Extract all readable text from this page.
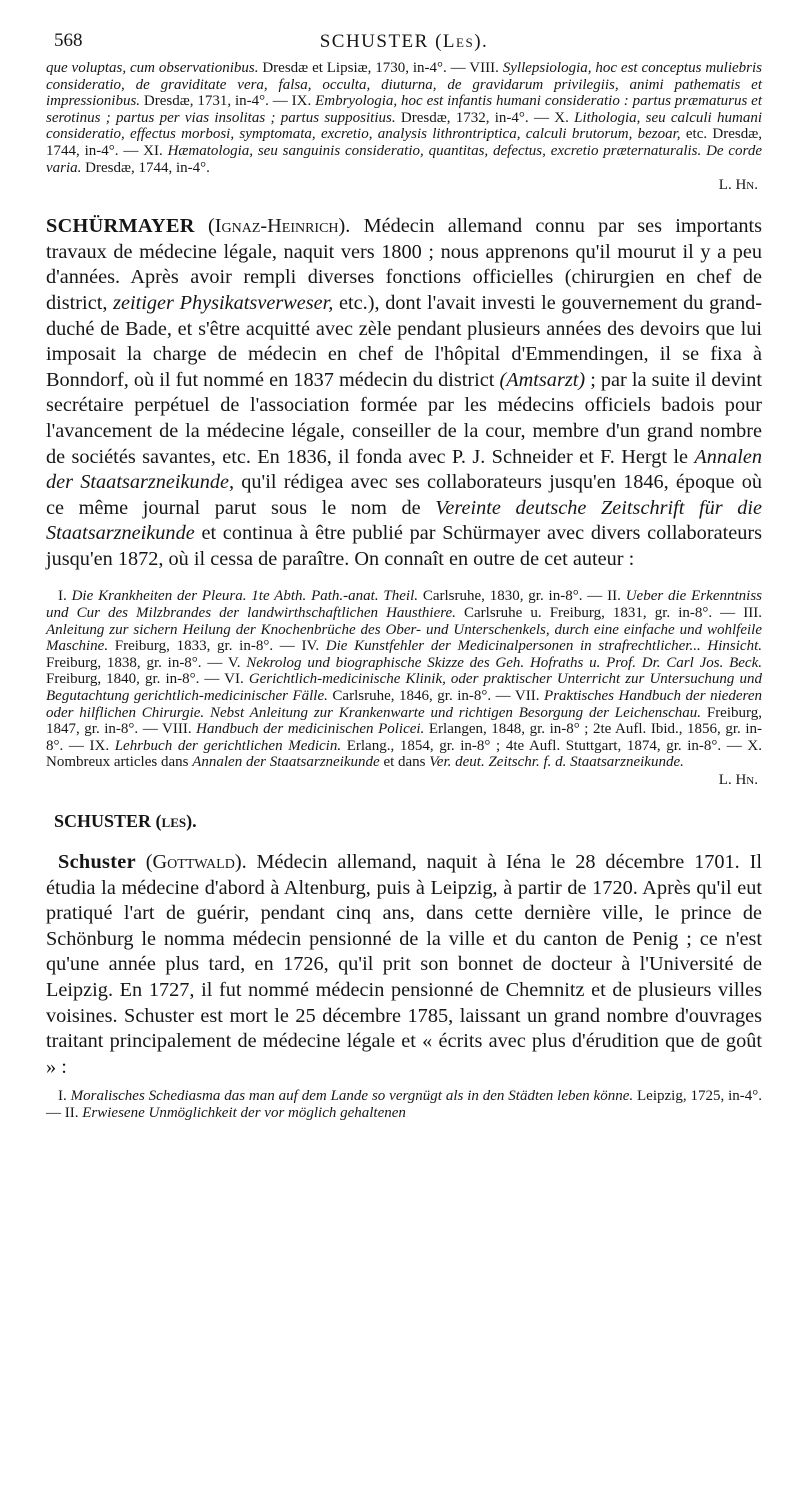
568	SCHUSTER (Les).

que voluptas, cum observationibus. Dresdæ et Lipsiæ, 1730, in-4°. — VIII. Syllepsiologia, hoc est conceptus muliebris consideratio, de graviditate vera, falsa, occulta, diuturna, de gravidarum privilegiis, animi pathematis et impressionibus. Dresdæ, 1731, in-4°. — IX. Embryologia, hoc est infantis humani consideratio : partus præmaturus et serotinus ; partus per vias insolitas ; partus suppositius. Dresdæ, 1732, in-4°. — X. Lithologia, seu calculi humani consideratio, effectus morbosi, symptomata, excretio, analysis lithrontriptica, calculi brutorum, bezoar, etc. Dresdæ, 1744, in-4°. — XI. Hæmatologia, seu sanguinis consideratio, quantitas, defectus, excretio præternaturalis. De corde varia. Dresdæ, 1744, in-4°.

L. Hn.

SCHÜRMAYER (Ignaz-Heinrich). Médecin allemand connu par ses importants travaux de médecine légale, naquit vers 1800 ; nous apprenons qu'il mourut il y a peu d'années. Après avoir rempli diverses fonctions officielles (chirurgien en chef de district, zeitiger Physikatsverweser, etc.), dont l'avait investi le gouvernement du grand-duché de Bade, et s'être acquitté avec zèle pendant plusieurs années des devoirs que lui imposait la charge de médecin en chef de l'hôpital d'Emmendingen, il se fixa à Bonndorf, où il fut nommé en 1837 médecin du district (Amtsarzt) ; par la suite il devint secrétaire perpétuel de l'association formée par les médecins officiels badois pour l'avancement de la médecine légale, conseiller de la cour, membre d'un grand nombre de sociétés savantes, etc. En 1836, il fonda avec P. J. Schneider et F. Hergt le Annalen der Staatsarzneikunde, qu'il rédigea avec ses collaborateurs jusqu'en 1846, époque où ce même journal parut sous le nom de Vereinte deutsche Zeitschrift für die Staatsarzneikunde et continua à être publié par Schürmayer avec divers collaborateurs jusqu'en 1872, où il cessa de paraître. On connaît en outre de cet auteur :

I. Die Krankheiten der Pleura. 1te Abth. Path.-anat. Theil. Carlsruhe, 1830, gr. in-8°. — II. Ueber die Erkenntniss und Cur des Milzbrandes der landwirthschaftlichen Hausthiere. Carlsruhe u. Freiburg, 1831, gr. in-8°. — III. Anleitung zur sichern Heilung der Knochenbrüche des Ober- und Unterschenkels, durch eine einfache und wohlfeile Maschine. Freiburg, 1833, gr. in-8°. — IV. Die Kunstfehler der Medicinalpersonen in strafrechtlicher... Hinsicht. Freiburg, 1838, gr. in-8°. — V. Nekrolog und biographische Skizze des Geh. Hofraths u. Prof. Dr. Carl Jos. Beck. Freiburg, 1840, gr. in-8°. — VI. Gerichtlich-medicinische Klinik, oder praktischer Unterricht zur Untersuchung und Begutachtung gerichtlich-medicinischer Fälle. Carlsruhe, 1846, gr. in-8°. — VII. Praktisches Handbuch der niederen oder hilflichen Chirurgie. Nebst Anleitung zur Krankenwarte und richtigen Besorgung der Leichenschau. Freiburg, 1847, gr. in-8°. — VIII. Handbuch der medicinischen Policei. Erlangen, 1848, gr. in-8° ; 2te Aufl. Ibid., 1856, gr. in-8°. — IX. Lehrbuch der gerichtlichen Medicin. Erlang., 1854, gr. in-8° ; 4te Aufl. Stuttgart, 1874, gr. in-8°. — X. Nombreux articles dans Annalen der Staatsarzneikunde et dans Ver. deut. Zeitschr. f. d. Staatsarzneikunde.

L. Hn.
SCHUSTER (les).

Schuster (Gottwald). Médecin allemand, naquit à Iéna le 28 décembre 1701. Il étudia la médecine d'abord à Altenburg, puis à Leipzig, à partir de 1720. Après qu'il eut pratiqué l'art de guérir, pendant cinq ans, dans cette dernière ville, le prince de Schönburg le nomma médecin pensionné de la ville et du canton de Penig ; ce n'est qu'une année plus tard, en 1726, qu'il prit son bonnet de docteur à l'Université de Leipzig. En 1727, il fut nommé médecin pensionné de Chemnitz et de plusieurs villes voisines. Schuster est mort le 25 décembre 1785, laissant un grand nombre d'ouvrages traitant principalement de médecine légale et « écrits avec plus d'érudition que de goût » :

I. Moralisches Schediasma das man auf dem Lande so vergnügt als in den Städten leben könne. Leipzig, 1725, in-4°. — II. Erwiesene Unmöglichkeit der vor möglich gehaltenen
